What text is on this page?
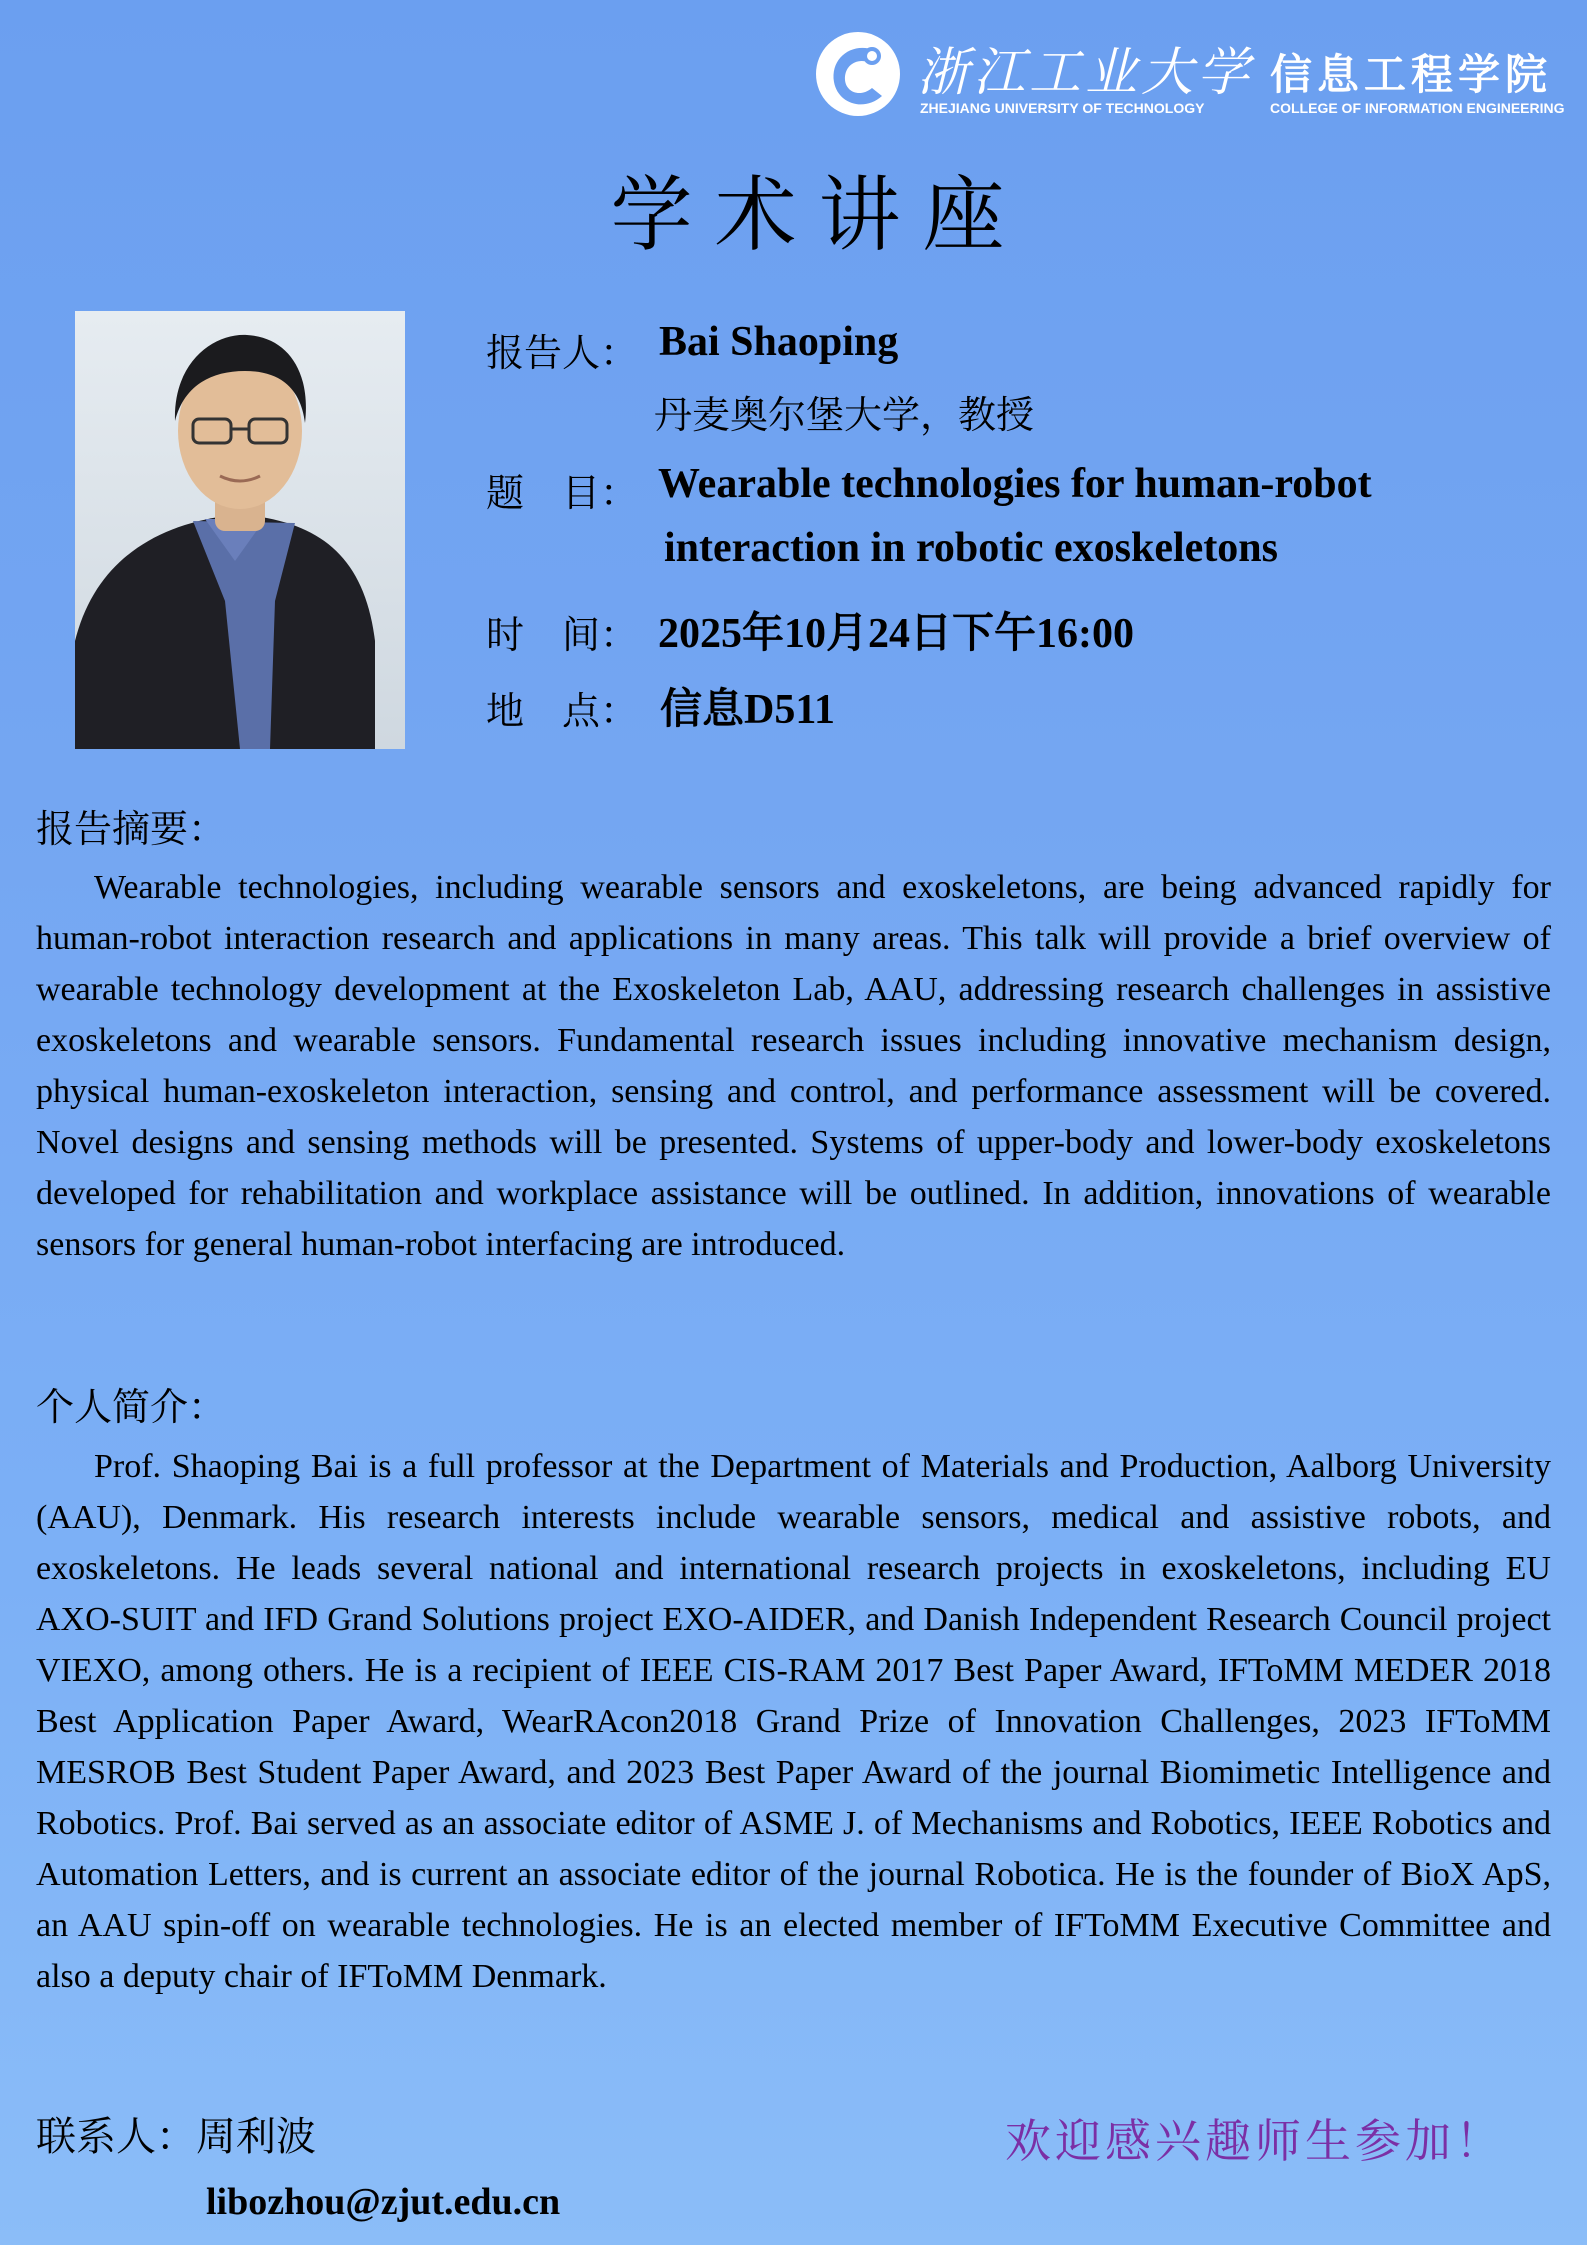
浙江工业大学
ZHEJIANG UNIVERSITY OF TECHNOLOGY
信息工程学院
COLLEGE OF INFORMATION ENGINEERING
学术讲座
报告人： Bai Shaoping
丹麦奥尔堡大学，教授
题　目： Wearable technologies for human-robot
interaction in robotic exoskeletons
时　间： 2025年10月24日下午16:00
地　点： 信息D511
报告摘要：
Wearable technologies, including wearable sensors and exoskeletons, are being advanced rapidly for human-robot interaction research and applications in many areas. This talk will provide a brief overview of wearable technology development at the Exoskeleton Lab, AAU, addressing research challenges in assistive exoskeletons and wearable sensors. Fundamental research issues including innovative mechanism design, physical human-exoskeleton interaction, sensing and control, and performance assessment will be covered. Novel designs and sensing methods will be presented. Systems of upper-body and lower-body exoskeletons developed for rehabilitation and workplace assistance will be outlined. In addition, innovations of wearable sensors for general human-robot interfacing are introduced.
个人简介：
Prof. Shaoping Bai is a full professor at the Department of Materials and Production, Aalborg University (AAU), Denmark. His research interests include wearable sensors, medical and assistive robots, and exoskeletons. He leads several national and international research projects in exoskeletons, including EU AXO-SUIT and IFD Grand Solutions project EXO-AIDER, and Danish Independent Research Council project VIEXO, among others. He is a recipient of IEEE CIS-RAM 2017 Best Paper Award, IFToMM MEDER 2018 Best Application Paper Award, WearRAcon2018 Grand Prize of Innovation Challenges, 2023 IFToMM MESROB Best Student Paper Award, and 2023 Best Paper Award of the journal Biomimetic Intelligence and Robotics. Prof. Bai served as an associate editor of ASME J. of Mechanisms and Robotics, IEEE Robotics and Automation Letters, and is current an associate editor of the journal Robotica. He is the founder of BioX ApS, an AAU spin-off on wearable technologies. He is an elected member of IFToMM Executive Committee and also a deputy chair of IFToMM Denmark.
联系人：周利波
libozhou@zjut.edu.cn
欢迎感兴趣师生参加！
